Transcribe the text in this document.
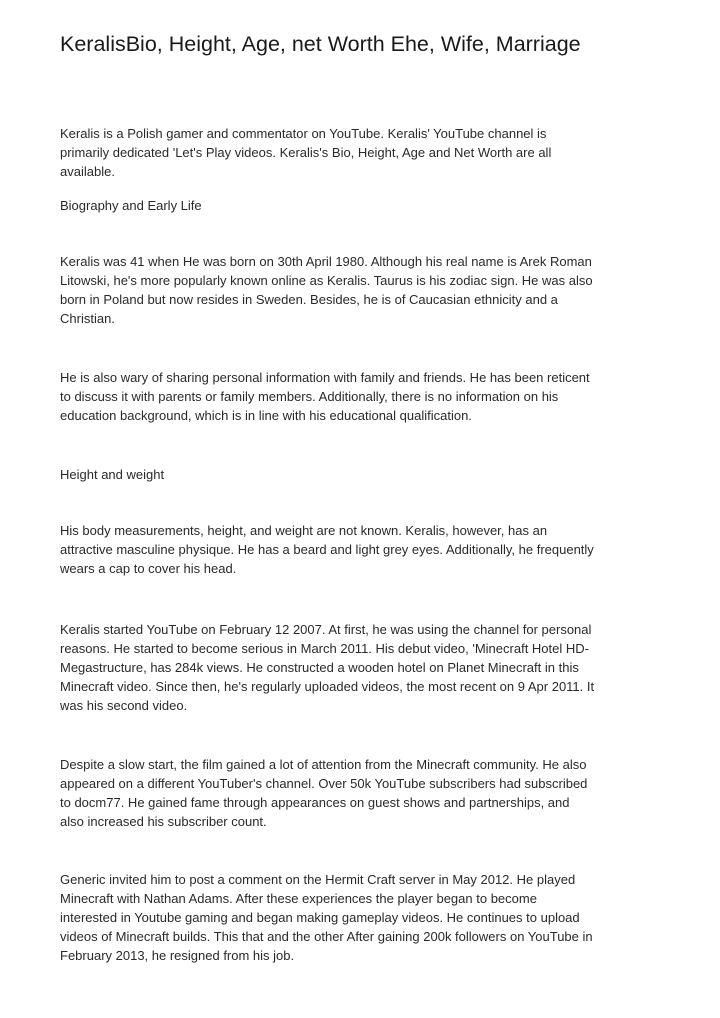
KeralisBio, Height, Age, net Worth Ehe, Wife, Marriage
Keralis is a Polish gamer and commentator on YouTube. Keralis' YouTube channel is
primarily dedicated 'Let's Play videos. Keralis's Bio, Height, Age and Net Worth are all
available.
Biography and Early Life
Keralis was 41 when He was born on 30th April 1980. Although his real name is Arek Roman
Litowski, he's more popularly known online as Keralis. Taurus is his zodiac sign. He was also
born in Poland but now resides in Sweden. Besides, he is of Caucasian ethnicity and a
Christian.
He is also wary of sharing personal information with family and friends. He has been reticent
to discuss it with parents or family members. Additionally, there is no information on his
education background, which is in line with his educational qualification.
Height and weight
His body measurements, height, and weight are not known. Keralis, however, has an
attractive masculine physique. He has a beard and light grey eyes. Additionally, he frequently
wears a cap to cover his head.
Keralis started YouTube on February 12 2007. At first, he was using the channel for personal
reasons. He started to become serious in March 2011. His debut video, 'Minecraft Hotel HD-
Megastructure, has 284k views. He constructed a wooden hotel on Planet Minecraft in this
Minecraft video. Since then, he's regularly uploaded videos, the most recent on 9 Apr 2011. It
was his second video.
Despite a slow start, the film gained a lot of attention from the Minecraft community. He also
appeared on a different YouTuber's channel. Over 50k YouTube subscribers had subscribed
to docm77. He gained fame through appearances on guest shows and partnerships, and
also increased his subscriber count.
Generic invited him to post a comment on the Hermit Craft server in May 2012. He played
Minecraft with Nathan Adams. After these experiences the player began to become
interested in Youtube gaming and began making gameplay videos. He continues to upload
videos of Minecraft builds. This that and the other After gaining 200k followers on YouTube in
February 2013, he resigned from his job.
